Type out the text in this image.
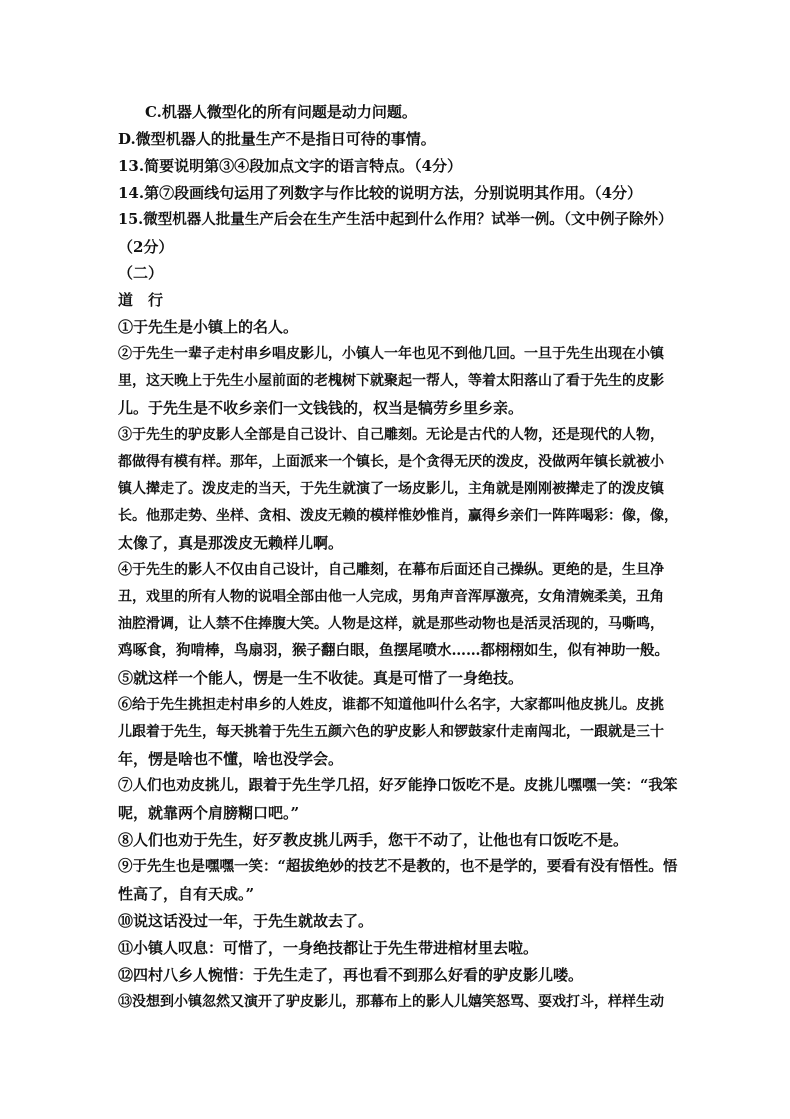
C.机器人微型化的所有问题是动力问题。
D.微型机器人的批量生产不是指日可待的事情。
13.简要说明第③④段加点文字的语言特点。（4分）
14.第⑦段画线句运用了列数字与作比较的说明方法，分别说明其作用。（4分）
15.微型机器人批量生产后会在生产生活中起到什么作用？试举一例。（文中例子除外）
（2分）
（二）
道　行
①于先生是小镇上的名人。
②于先生一辈子走村串乡唱皮影儿，小镇人一年也见不到他几回。一旦于先生出现在小镇
里，这天晚上于先生小屋前面的老槐树下就聚起一帮人，等着太阳落山了看于先生的皮影
儿。于先生是不收乡亲们一文钱钱的，权当是犒劳乡里乡亲。
③于先生的驴皮影人全部是自己设计、自己雕刻。无论是古代的人物，还是现代的人物，
都做得有模有样。那年，上面派来一个镇长，是个贪得无厌的泼皮，没做两年镇长就被小
镇人撵走了。泼皮走的当天，于先生就演了一场皮影儿，主角就是刚刚被撵走了的泼皮镇
长。他那走势、坐样、贪相、泼皮无赖的模样惟妙惟肖，赢得乡亲们一阵阵喝彩：像，像，
太像了，真是那泼皮无赖样儿啊。
④于先生的影人不仅由自己设计，自己雕刻，在幕布后面还自己操纵。更绝的是，生旦净
丑，戏里的所有人物的说唱全部由他一人完成，男角声音浑厚激亮，女角清婉柔美，丑角
油腔滑调，让人禁不住捧腹大笑。人物是这样，就是那些动物也是活灵活现的，马嘶鸣，
鸡啄食，狗啃棒，鸟扇羽，猴子翻白眼，鱼摆尾喷水……都栩栩如生，似有神助一般。
⑤就这样一个能人，愣是一生不收徒。真是可惜了一身绝技。
⑥给于先生挑担走村串乡的人姓皮，谁都不知道他叫什么名字，大家都叫他皮挑儿。皮挑
儿跟着于先生，每天挑着于先生五颜六色的驴皮影人和锣鼓家什走南闯北，一跟就是三十
年，愣是啥也不懂，啥也没学会。
⑦人们也劝皮挑儿，跟着于先生学几招，好歹能挣口饭吃不是。皮挑儿嘿嘿一笑：“我笨
呢，就靠两个肩膀糊口吧。”
⑧人们也劝于先生，好歹教皮挑儿两手，您干不动了，让他也有口饭吃不是。
⑨于先生也是嘿嘿一笑：“超拔绝妙的技艺不是教的，也不是学的，要看有没有悟性。悟
性高了，自有天成。”
⑩说这话没过一年，于先生就故去了。
⑪小镇人叹息：可惜了，一身绝技都让于先生带进棺材里去啦。
⑫四村八乡人惋惜：于先生走了，再也看不到那么好看的驴皮影儿喽。
⑬没想到小镇忽然又演开了驴皮影儿，那幕布上的影人儿嬉笑怒骂、耍戏打斗，样样生动
